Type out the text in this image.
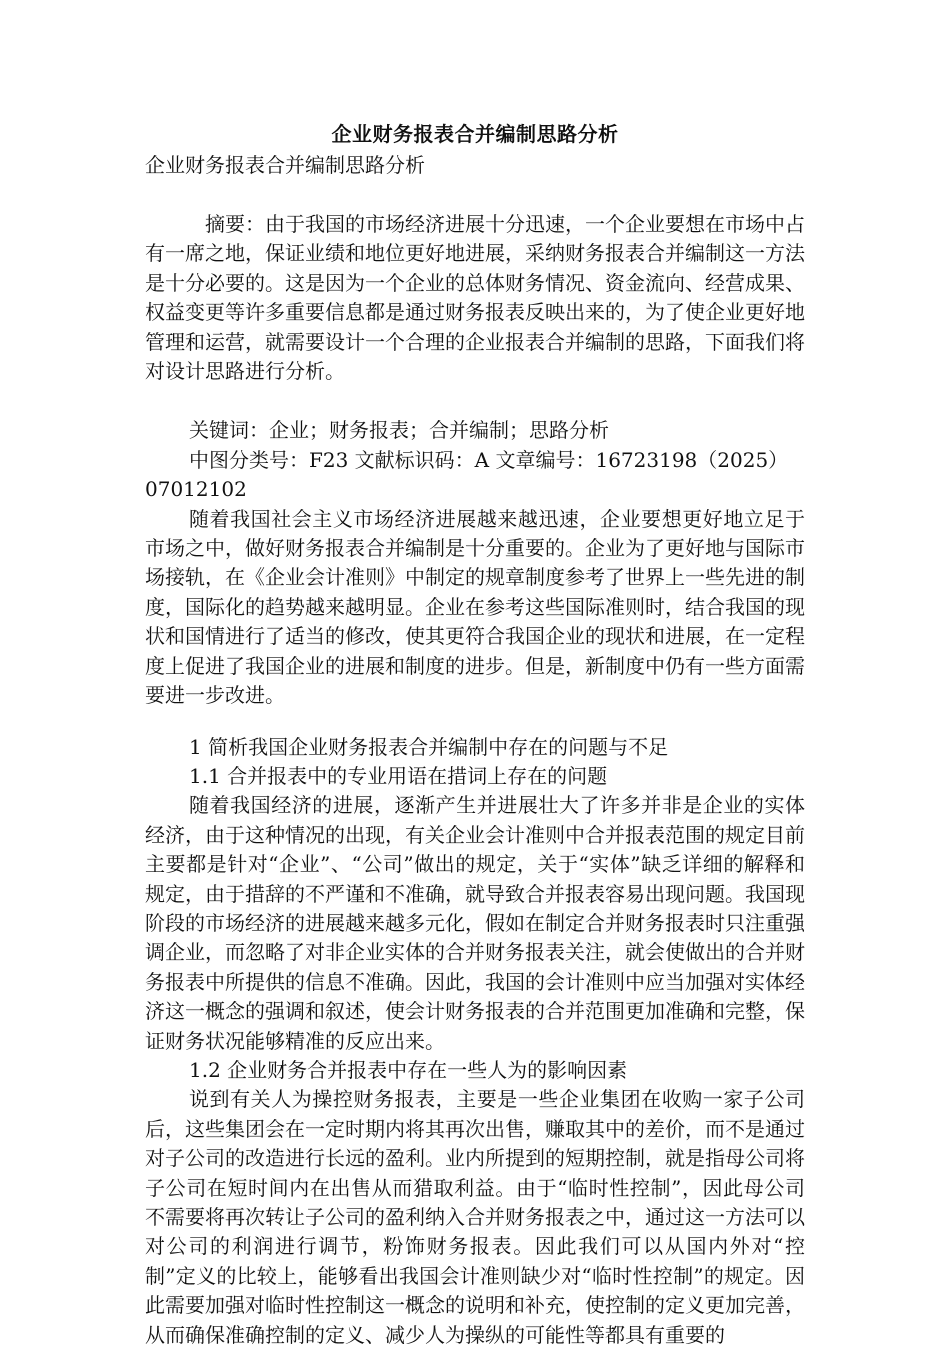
企业财务报表合并编制思路分析

企业财务报表合并编制思路分析

摘要：由于我国的市场经济进展十分迅速，一个企业要想在市场中占有一席之地，保证业绩和地位更好地进展，采纳财务报表合并编制这一方法是十分必要的。这是因为一个企业的总体财务情况、资金流向、经营成果、权益变更等许多重要信息都是通过财务报表反映出来的，为了使企业更好地管理和运营，就需要设计一个合理的企业报表合并编制的思路，下面我们将对设计思路进行分析。

关键词：企业；财务报表；合并编制；思路分析

中图分类号：F23 文献标识码：A 文章编号：16723198（2025）07012102

随着我国社会主义市场经济进展越来越迅速，企业要想更好地立足于市场之中，做好财务报表合并编制是十分重要的。企业为了更好地与国际市场接轨，在《企业会计准则》中制定的规章制度参考了世界上一些先进的制度，国际化的趋势越来越明显。企业在参考这些国际准则时，结合我国的现状和国情进行了适当的修改，使其更符合我国企业的现状和进展，在一定程度上促进了我国企业的进展和制度的进步。但是，新制度中仍有一些方面需要进一步改进。

1 简析我国企业财务报表合并编制中存在的问题与不足

1.1 合并报表中的专业用语在措词上存在的问题

随着我国经济的进展，逐渐产生并进展壮大了许多并非是企业的实体经济，由于这种情况的出现，有关企业会计准则中合并报表范围的规定目前主要都是针对“企业”、“公司”做出的规定，关于“实体”缺乏详细的解释和规定，由于措辞的不严谨和不准确，就导致合并报表容易出现问题。我国现阶段的市场经济的进展越来越多元化，假如在制定合并财务报表时只注重强调企业，而忽略了对非企业实体的合并财务报表关注，就会使做出的合并财务报表中所提供的信息不准确。因此，我国的会计准则中应当加强对实体经济这一概念的强调和叙述，使会计财务报表的合并范围更加准确和完整，保证财务状况能够精准的反应出来。

1.2 企业财务合并报表中存在一些人为的影响因素

说到有关人为操控财务报表，主要是一些企业集团在收购一家子公司后，这些集团会在一定时期内将其再次出售，赚取其中的差价，而不是通过对子公司的改造进行长远的盈利。业内所提到的短期控制，就是指母公司将子公司在短时间内在出售从而猎取利益。由于“临时性控制”，因此母公司不需要将再次转让子公司的盈利纳入合并财务报表之中，通过这一方法可以对公司的利润进行调节，粉饰财务报表。因此我们可以从国内外对“控制”定义的比较上，能够看出我国会计准则缺少对“临时性控制”的规定。因此需要加强对临时性控制这一概念的说明和补充，使控制的定义更加完善，从而确保准确控制的定义、减少人为操纵的可能性等都具有重要的
